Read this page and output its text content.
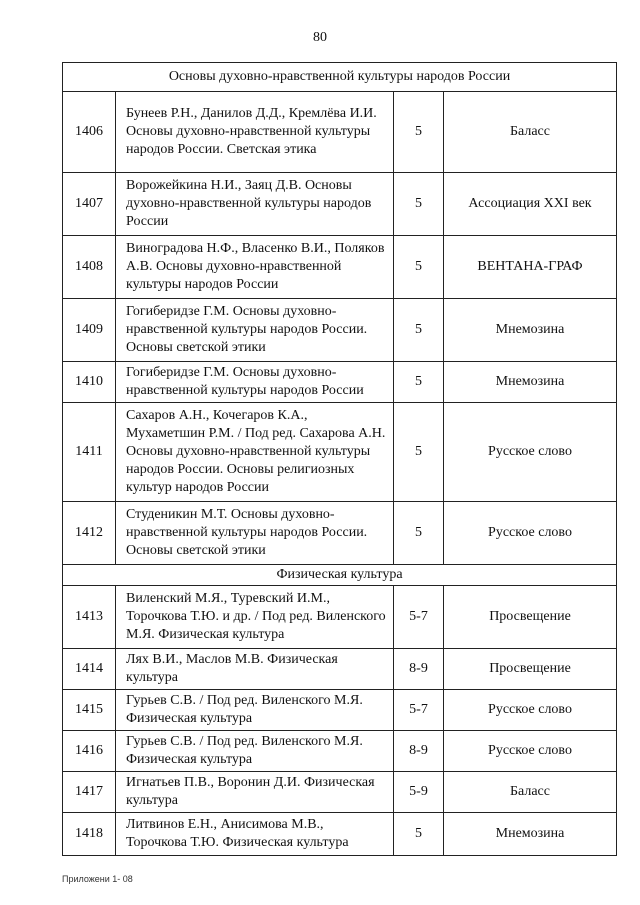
80
Основы духовно-нравственной культуры народов России			
1406	Бунеев Р.Н., Данилов Д.Д., Кремлёва И.И. Основы духовно-нравственной культуры народов России. Светская этика	5	Баласс
1407	Ворожейкина Н.И., Заяц Д.В. Основы духовно-нравственной культуры народов России	5	Ассоциация XXI век
1408	Виноградова Н.Ф., Власенко В.И., Поляков А.В. Основы духовно-нравственной культуры народов России	5	ВЕНТАНА-ГРАФ
1409	Гогиберидзе Г.М. Основы духовно-нравственной культуры народов России. Основы светской этики	5	Мнемозина
1410	Гогиберидзе Г.М. Основы духовно-нравственной культуры народов России	5	Мнемозина
1411	Сахаров А.Н., Кочегаров К.А., Мухаметшин Р.М. / Под ред. Сахарова А.Н. Основы духовно-нравственной культуры народов России. Основы религиозных культур народов России	5	Русское слово
1412	Студеникин М.Т. Основы духовно-нравственной культуры народов России. Основы светской этики	5	Русское слово
Физическая культура			
1413	Виленский М.Я., Туревский И.М., Торочкова Т.Ю. и др. / Под ред. Виленского М.Я. Физическая культура	5-7	Просвещение
1414	Лях В.И., Маслов М.В. Физическая культура	8-9	Просвещение
1415	Гурьев С.В. / Под ред. Виленского М.Я. Физическая культура	5-7	Русское слово
1416	Гурьев С.В. / Под ред. Виленского М.Я. Физическая культура	8-9	Русское слово
1417	Игнатьев П.В., Воронин Д.И. Физическая культура	5-9	Баласс
1418	Литвинов Е.Н., Анисимова М.В., Торочкова Т.Ю. Физическая культура	5	Мнемозина
Приложени 1- 08
